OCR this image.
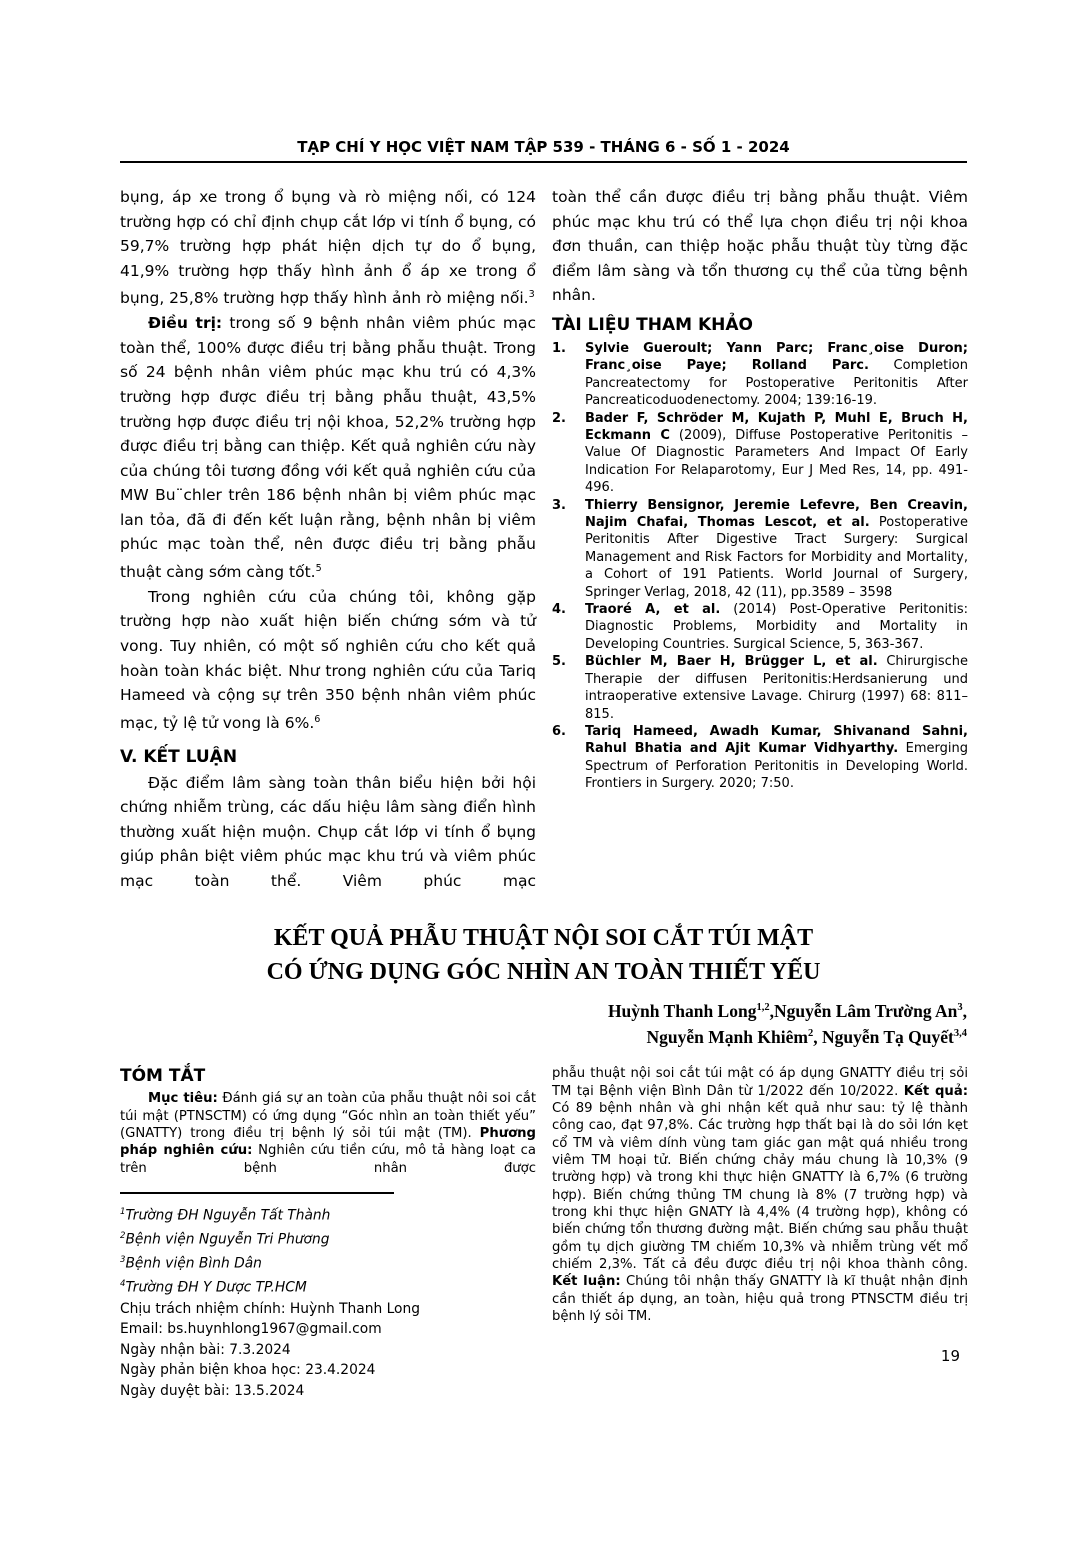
TẠP CHÍ Y HỌC VIỆT NAM TẬP 539 - THÁNG 6 - SỐ 1 - 2024

bụng, áp xe trong ổ bụng và rò miệng nối, có 124 trường hợp có chỉ định chụp cắt lớp vi tính ổ bụng, có 59,7% trường hợp phát hiện dịch tự do ổ bụng, 41,9% trường hợp thấy hình ảnh ổ áp xe trong ổ bụng, 25,8% trường hợp thấy hình ảnh rò miệng nối.$^3$

Điều trị: trong số 9 bệnh nhân viêm phúc mạc toàn thể, 100% được điều trị bằng phẫu thuật. Trong số 24 bệnh nhân viêm phúc mạc khu trú có 4,3% trường hợp được điều trị bằng phẫu thuật, 43,5% trường hợp được điều trị nội khoa, 52,2% trường hợp được điều trị bằng can thiệp. Kết quả nghiên cứu này của chúng tôi tương đồng với kết quả nghiên cứu của MW Bu¨chler trên 186 bệnh nhân bị viêm phúc mạc lan tỏa, đã đi đến kết luận rằng, bệnh nhân bị viêm phúc mạc toàn thể, nên được điều trị bằng phẫu thuật càng sớm càng tốt.$^5$

Trong nghiên cứu của chúng tôi, không gặp trường hợp nào xuất hiện biến chứng sớm và tử vong. Tuy nhiên, có một số nghiên cứu cho kết quả hoàn toàn khác biệt. Như trong nghiên cứu của Tariq Hameed và cộng sự trên 350 bệnh nhân viêm phúc mạc, tỷ lệ tử vong là 6%.$^6$

V. KẾT LUẬN

Đặc điểm lâm sàng toàn thân biểu hiện bởi hội chứng nhiễm trùng, các dấu hiệu lâm sàng điển hình thường xuất hiện muộn. Chụp cắt lớp vi tính ổ bụng giúp phân biệt viêm phúc mạc khu trú và viêm phúc mạc toàn thể. Viêm phúc mạc

toàn thể cần được điều trị bằng phẫu thuật. Viêm phúc mạc khu trú có thể lựa chọn điều trị nội khoa đơn thuần, can thiệp hoặc phẫu thuật tùy từng đặc điểm lâm sàng và tổn thương cụ thể của từng bệnh nhân.

TÀI LIỆU THAM KHẢO
1.	Sylvie Gueroult; Yann Parc; Franc¸oise Duron; Franc¸oise Paye; Rolland Parc. Completion Pancreatectomy for Postoperative Peritonitis After Pancreaticoduodenectomy. 2004; 139:16-19.
2.	Bader F, Schröder M, Kujath P, Muhl E, Bruch H, Eckmann C (2009), Diffuse Postoperative Peritonitis – Value Of Diagnostic Parameters And Impact Of Early Indication For Relaparotomy, Eur J Med Res, 14, pp. 491-496.
3.	Thierry Bensignor, Jeremie Lefevre, Ben Creavin, Najim Chafai, Thomas Lescot, et al. Postoperative Peritonitis After Digestive Tract Surgery: Surgical Management and Risk Factors for Morbidity and Mortality, a Cohort of 191 Patients. World Journal of Surgery, Springer Verlag, 2018, 42 (11), pp.3589 – 3598
4.	Traoré A, et al. (2014) Post-Operative Peritonitis: Diagnostic Problems, Morbidity and Mortality in Developing Countries. Surgical Science, 5, 363-367.
5.	Büchler M, Baer H, Brügger L, et al. Chirurgische Therapie der diffusen Peritonitis:Herdsanierung und intraoperative extensive Lavage. Chirurg (1997) 68: 811–815.
6.	Tariq Hameed, Awadh Kumar, Shivanand Sahni, Rahul Bhatia and Ajit Kumar Vidhyarthy. Emerging Spectrum of Perforation Peritonitis in Developing World. Frontiers in Surgery. 2020; 7:50.
KẾT QUẢ PHẪU THUẬT NỘI SOI CẮT TÚI MẬT
CÓ ỨNG DỤNG GÓC NHÌN AN TOÀN THIẾT YẾU
Huỳnh Thanh Long$^{1,2}$,Nguyễn Lâm Trường An$^3$,
Nguyễn Mạnh Khiêm$^2$, Nguyễn Tạ Quyết$^{3,4}$
TÓM TẮT

Mục tiêu: Đánh giá sự an toàn của phẫu thuật nôi soi cắt túi mật (PTNSCTM) có ứng dụng “Góc nhìn an toàn thiết yếu” (GNATTY) trong điều trị bệnh lý sỏi túi mật (TM). Phương pháp nghiên cứu: Nghiên cứu tiền cứu, mô tả hàng loạt ca trên bệnh nhân được

$^1$Trường ĐH Nguyễn Tất Thành
$^2$Bệnh viện Nguyễn Tri Phương
$^3$Bệnh viện Bình Dân
$^4$Trường ĐH Y Dược TP.HCM
Chịu trách nhiệm chính: Huỳnh Thanh Long
Email: bs.huynhlong1967@gmail.com
Ngày nhận bài: 7.3.2024
Ngày phản biện khoa học: 23.4.2024
Ngày duyệt bài: 13.5.2024

phẫu thuật nội soi cắt túi mật có áp dụng GNATTY điều trị sỏi TM tại Bệnh viện Bình Dân từ 1/2022 đến 10/2022. Kết quả: Có 89 bệnh nhân và ghi nhận kết quả như sau: tỷ lệ thành công cao, đạt 97,8%. Các trường hợp thất bại là do sỏi lớn kẹt cổ TM và viêm dính vùng tam giác gan mật quá nhiều trong viêm TM hoại tử. Biến chứng chảy máu chung là 10,3% (9 trường hợp) và trong khi thực hiện GNATTY là 6,7% (6 trường hợp). Biến chứng thủng TM chung là 8% (7 trường hợp) và trong khi thực hiện GNATY là 4,4% (4 trường hợp), không có biến chứng tổn thương đường mật. Biến chứng sau phẫu thuật gồm tụ dịch giường TM chiếm 10,3% và nhiễm trùng vết mổ chiếm 2,3%. Tất cả đều được điều trị nội khoa thành công. Kết luận: Chúng tôi nhận thấy GNATTY là kĩ thuật nhận định cần thiết áp dụng, an toàn, hiệu quả trong PTNSCTM điều trị bệnh lý sỏi TM.

19
